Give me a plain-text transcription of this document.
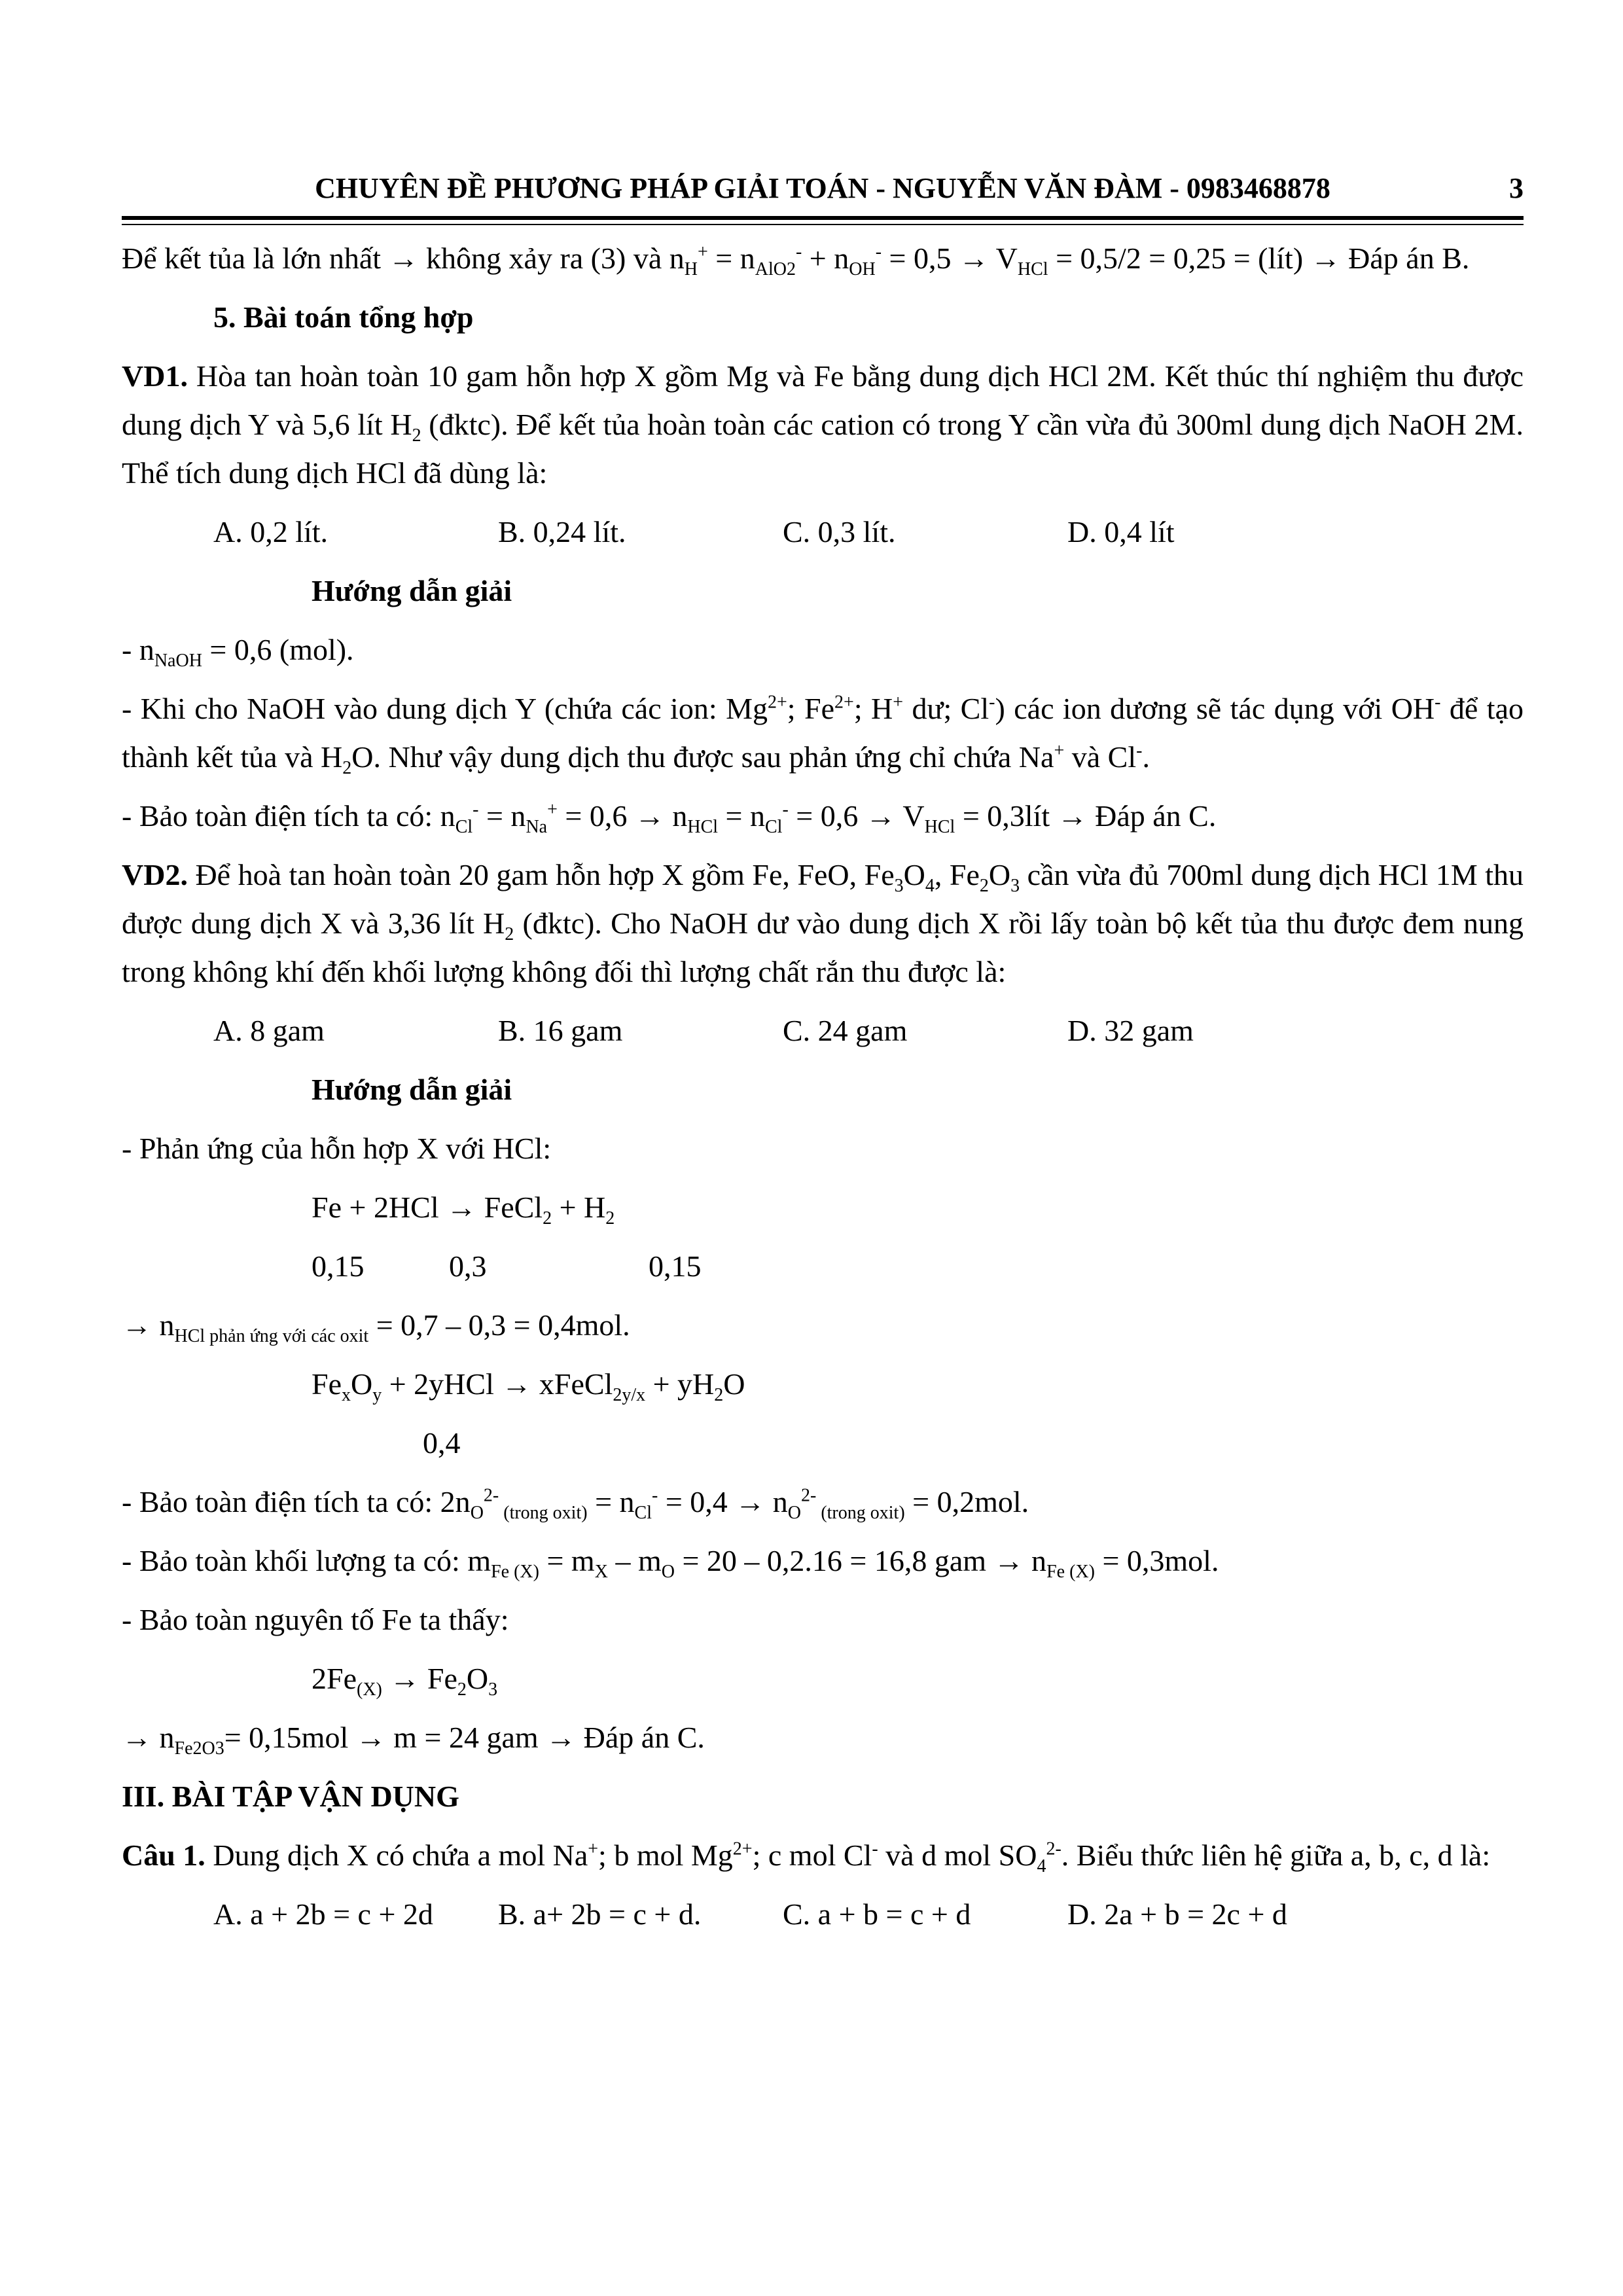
CHUYÊN ĐỀ PHƯƠNG PHÁP GIẢI TOÁN - NGUYỄN VĂN ĐÀM - 0983468878	3

Để kết tủa là lớn nhất → không xảy ra (3) và $n_H^+ = n_{AlO2}^- + n_{OH}^- = 0,5 \to V_{HCl} = 0,5/2 = 0,25$ = (lít) → Đáp án B.

5. Bài toán tổng hợp

VD1. Hòa tan hoàn toàn 10 gam hỗn hợp X gồm Mg và Fe bằng dung dịch HCl 2M. Kết thúc thí nghiệm thu được dung dịch Y và 5,6 lít $H_2$ (đktc). Để kết tủa hoàn toàn các cation có trong Y cần vừa đủ 300ml dung dịch NaOH 2M. Thể tích dung dịch HCl đã dùng là:

A. 0,2 lít.	B. 0,24 lít.	C. 0,3 lít.	D. 0,4 lít

Hướng dẫn giải

- $n_{NaOH} = 0,6$ (mol).

- Khi cho NaOH vào dung dịch Y (chứa các ion: $Mg^{2+}$; $Fe^{2+}$; H+ dư; Cl-) các ion dương sẽ tác dụng với OH- để tạo thành kết tủa và $H_2O$. Như vậy dung dịch thu được sau phản ứng chỉ chứa Na+ và Cl-.

- Bảo toàn điện tích ta có: $n_{Cl}^- = n_{Na}^+ = 0,6 \to n_{HCl} = n_{Cl}^- = 0,6 \to V_{HCl}$ = 0,3lít → Đáp án C.

VD2. Để hoà tan hoàn toàn 20 gam hỗn hợp X gồm Fe, FeO, $Fe_3O_4$, $Fe_2O_3$ cần vừa đủ 700ml dung dịch HCl 1M thu được dung dịch X và 3,36 lít $H_2$ (đktc). Cho NaOH dư vào dung dịch X rồi lấy toàn bộ kết tủa thu được đem nung trong không khí đến khối lượng không đối thì lượng chất rắn thu được là:

A. 8 gam	B. 16 gam	C. 24 gam	D. 32 gam

Hướng dẫn giải

- Phản ứng của hỗn hợp X với HCl:

Fe + 2HCl → FeCl$_2$ + $H_2$

0,15	0,3	0,15

→ $n_{HCl phản ứng với các oxit} = 0,7 - 0,3 = 0,4mol$.

$Fe_xO_y$ + 2yHCl → xFeCl$_{2y/x}$ + $yH_2O$

0,4

- Bảo toàn điện tích ta có: $2n_O^{2-}$ $_{(trong oxit)} = n_{Cl}^- = 0,4 \to n_O^{2-}$ $_{(trong oxit)}$ = 0,2mol.

- Bảo toàn khối lượng ta có: $m_{Fe (X)} = m_X - m_O = 20 - 0,2.16 = 16,8$ gam → $n_{Fe (X)} = 0,3mol$.

- Bảo toàn nguyên tố Fe ta thấy:

$2Fe_{(X)} \to Fe_2O_3$

→ $n_{Fe2O3}= 0,15mol \to m = 24$ gam → Đáp án C.

III. BÀI TẬP VẬN DỤNG

Câu 1. Dung dịch X có chứa a mol Na+; b mol $Mg^{2+}$; c mol Cl- và d mol $SO_4^{2-}$. Biểu thức liên hệ giữa a, b, c, d là:

A. a + 2b = c + 2d	B. a+ 2b = c + d.	C. a + b = c + d	D. 2a + b = 2c + d
